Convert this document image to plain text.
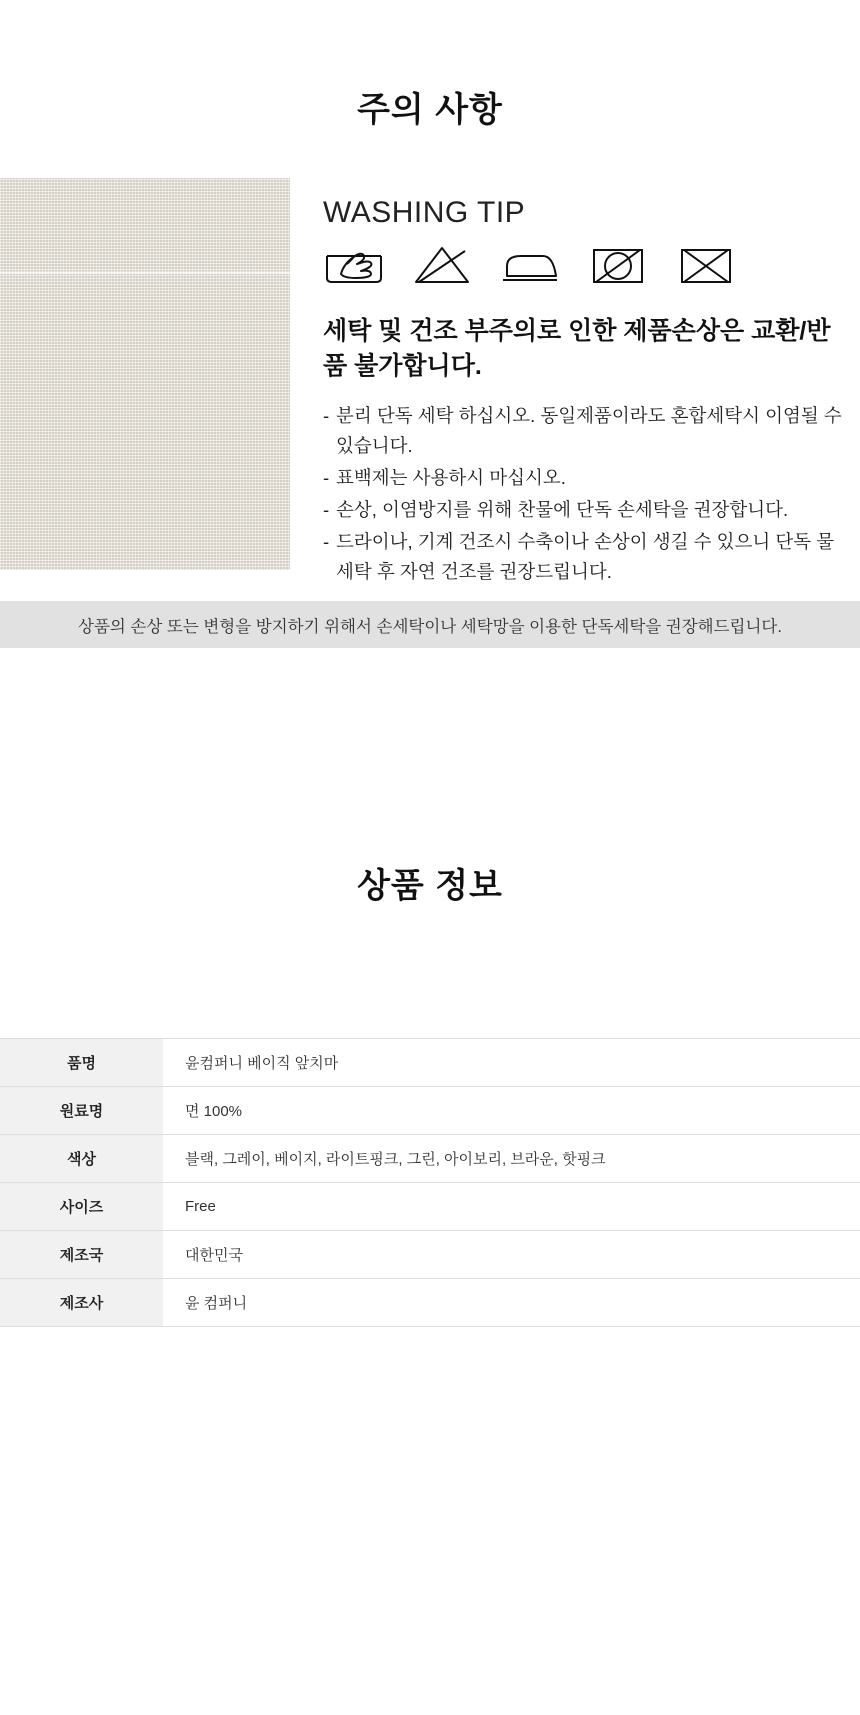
주의 사항
WASHING TIP
세탁 및 건조 부주의로 인한 제품손상은 교환/반품 불가합니다.
- 분리 단독 세탁 하십시오. 동일제품이라도 혼합세탁시 이염될 수 있습니다.
- 표백제는 사용하시 마십시오.
- 손상, 이염방지를 위해 찬물에 단독 손세탁을 권장합니다.
- 드라이나, 기계 건조시 수축이나 손상이 생길 수 있으니 단독 물세탁 후 자연 건조를 권장드립니다.
상품의 손상 또는 변형을 방지하기 위해서 손세탁이나 세탁망을 이용한 단독세탁을 권장해드립니다.
상품 정보
품명	윤컴퍼니 베이직 앞치마
원료명	면 100%
색상	블랙, 그레이, 베이지, 라이트핑크, 그린, 아이보리, 브라운, 핫핑크
사이즈	Free
제조국	대한민국
제조사	윤 컴퍼니
